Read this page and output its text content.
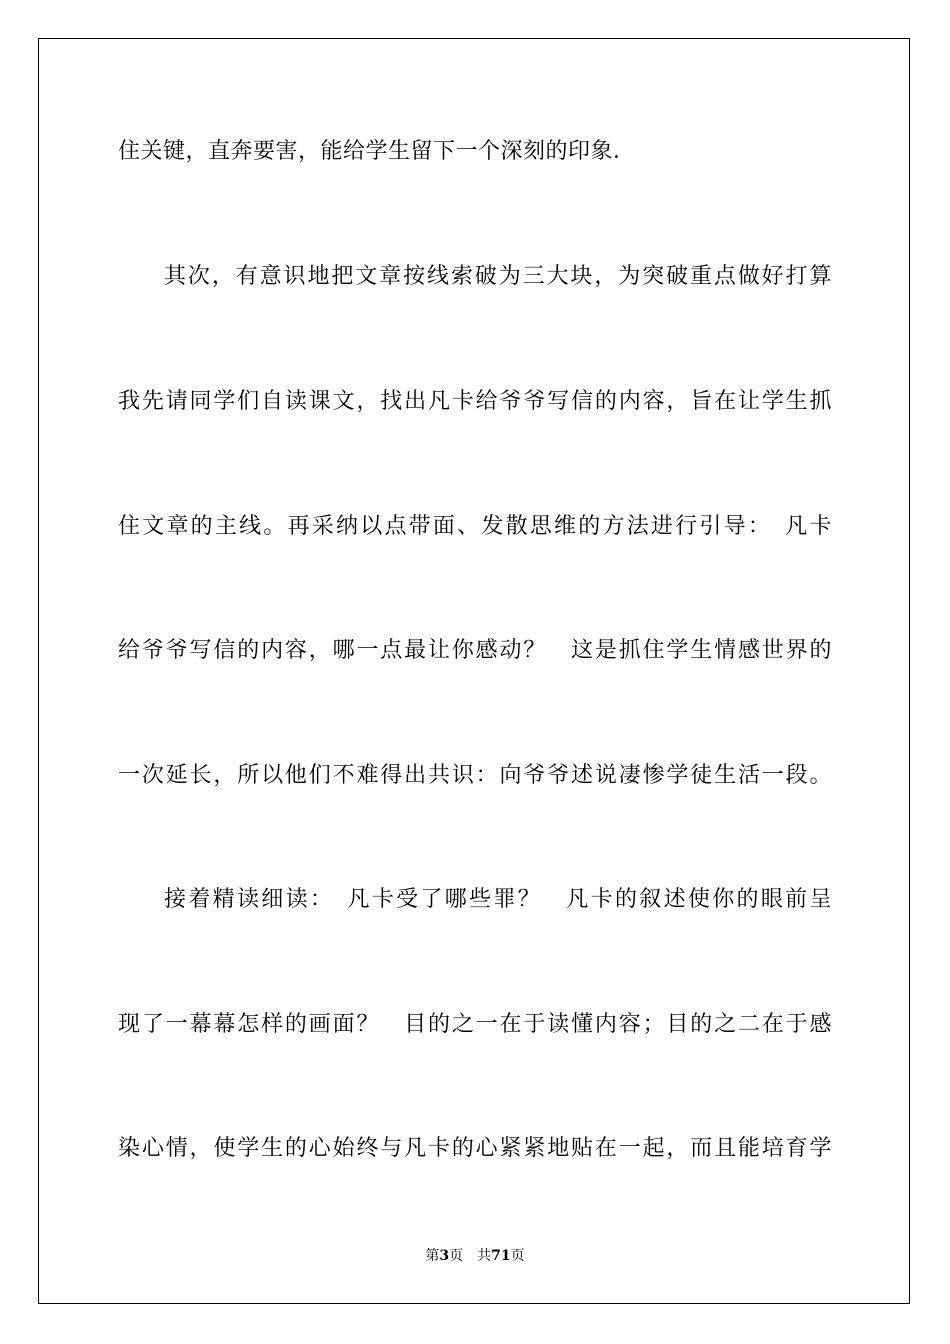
住关键，直奔要害，能给学生留下一个深刻的印象．
其次，有意识地把文章按线索破为三大块，为突破重点做好打算
我先请同学们自读课文，找出凡卡给爷爷写信的内容，旨在让学生抓
住文章的主线。再采纳以点带面、发散思维的方法进行引导：　凡卡
给爷爷写信的内容，哪一点最让你感动？　这是抓住学生情感世界的
一次延长，所以他们不难得出共识：向爷爷述说凄惨学徒生活一段。
接着精读细读：　凡卡受了哪些罪？　凡卡的叙述使你的眼前呈
现了一幕幕怎样的画面？　目的之一在于读懂内容；目的之二在于感
染心情，使学生的心始终与凡卡的心紧紧地贴在一起，而且能培育学
第3页 共71页
